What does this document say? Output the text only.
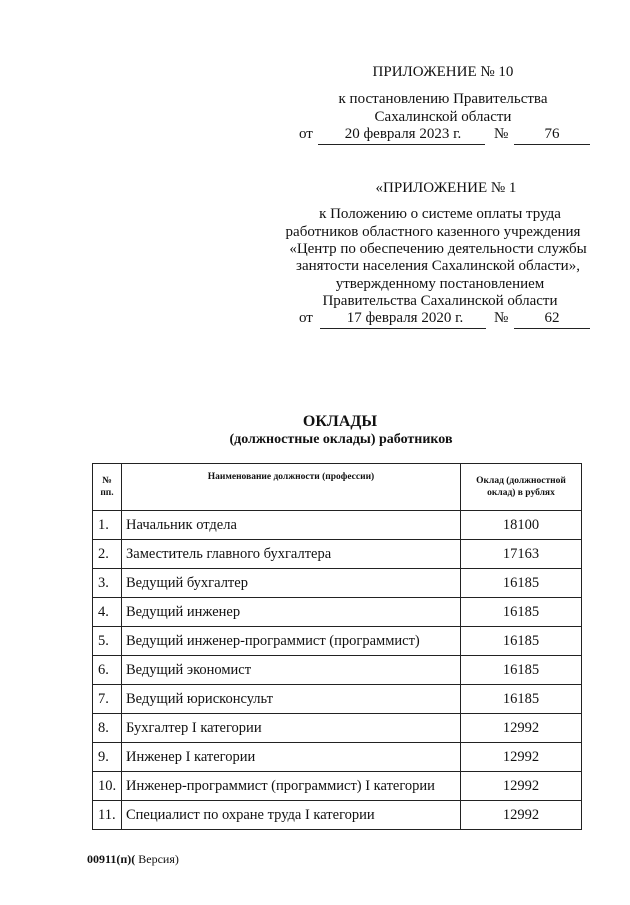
ПРИЛОЖЕНИЕ № 10
к постановлению Правительства
Сахалинской области
от 20 февраля 2023 г. № 76
«ПРИЛОЖЕНИЕ № 1
к Положению о системе оплаты труда
работников областного казенного учреждения
«Центр по обеспечению деятельности службы
занятости населения Сахалинской области»,
утвержденному постановлением
Правительства Сахалинской области
от 17 февраля 2020 г. № 62
ОКЛАДЫ
(должностные оклады) работников
№
пп.	Наименование должности (профессии)	Оклад (должностной
оклад) в рублях
1.	Начальник отдела	18100
2.	Заместитель главного бухгалтера	17163
3.	Ведущий бухгалтер	16185
4.	Ведущий инженер	16185
5.	Ведущий инженер-программист (программист)	16185
6.	Ведущий экономист	16185
7.	Ведущий юрисконсульт	16185
8.	Бухгалтер I категории	12992
9.	Инженер I категории	12992
10.	Инженер-программист (программист) I категории	12992
11.	Специалист по охране труда I категории	12992
00911(п)( Версия)
